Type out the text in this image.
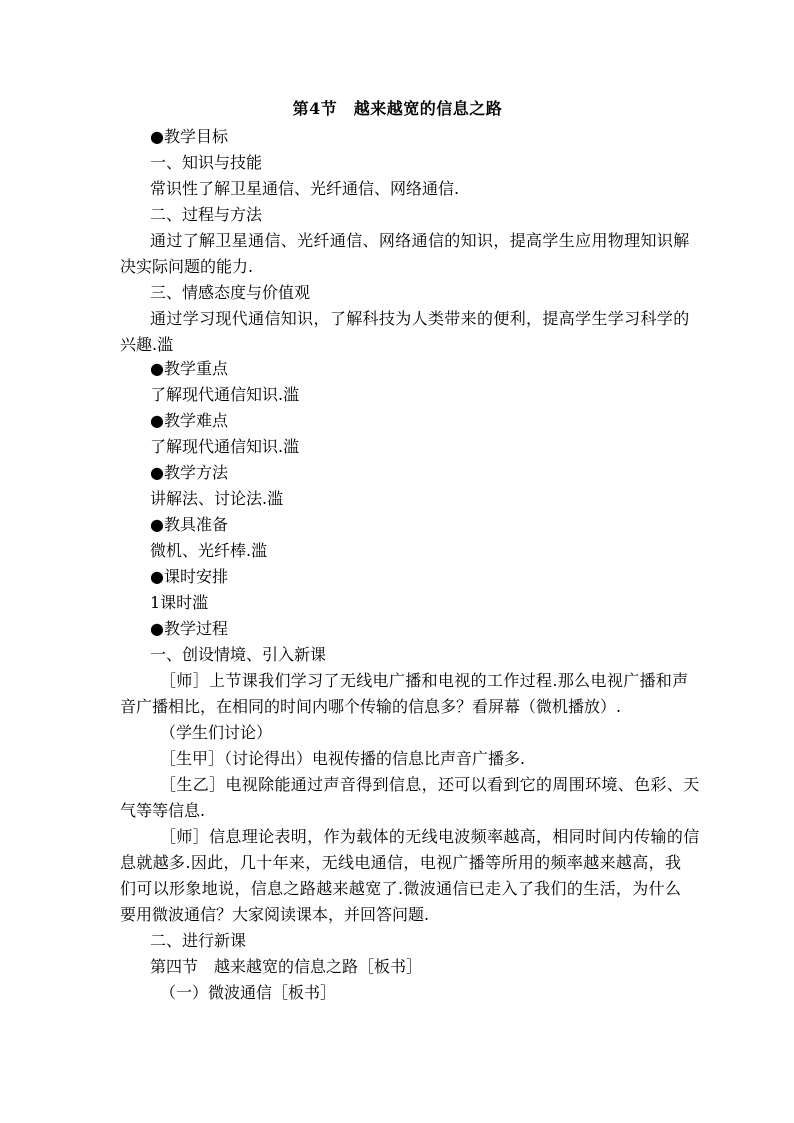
第4节　越来越宽的信息之路
●教学目标
一、知识与技能
常识性了解卫星通信、光纤通信、网络通信.
二、过程与方法
通过了解卫星通信、光纤通信、网络通信的知识，提高学生应用物理知识解
决实际问题的能力.
三、情感态度与价值观
通过学习现代通信知识，了解科技为人类带来的便利，提高学生学习科学的
兴趣.滥
●教学重点
了解现代通信知识.滥
●教学难点
了解现代通信知识.滥
●教学方法
讲解法、讨论法.滥
●教具准备
微机、光纤棒.滥
●课时安排
1课时滥
●教学过程
一、创设情境、引入新课
［师］上节课我们学习了无线电广播和电视的工作过程.那么电视广播和声
音广播相比，在相同的时间内哪个传输的信息多？看屏幕（微机播放）.
（学生们讨论）
［生甲］（讨论得出）电视传播的信息比声音广播多.
［生乙］电视除能通过声音得到信息，还可以看到它的周围环境、色彩、天
气等等信息.
［师］信息理论表明，作为载体的无线电波频率越高，相同时间内传输的信
息就越多.因此，几十年来，无线电通信，电视广播等所用的频率越来越高，我
们可以形象地说，信息之路越来越宽了.微波通信已走入了我们的生活，为什么
要用微波通信？大家阅读课本，并回答问题.
二、进行新课
第四节　越来越宽的信息之路［板书］
（一）微波通信［板书］
